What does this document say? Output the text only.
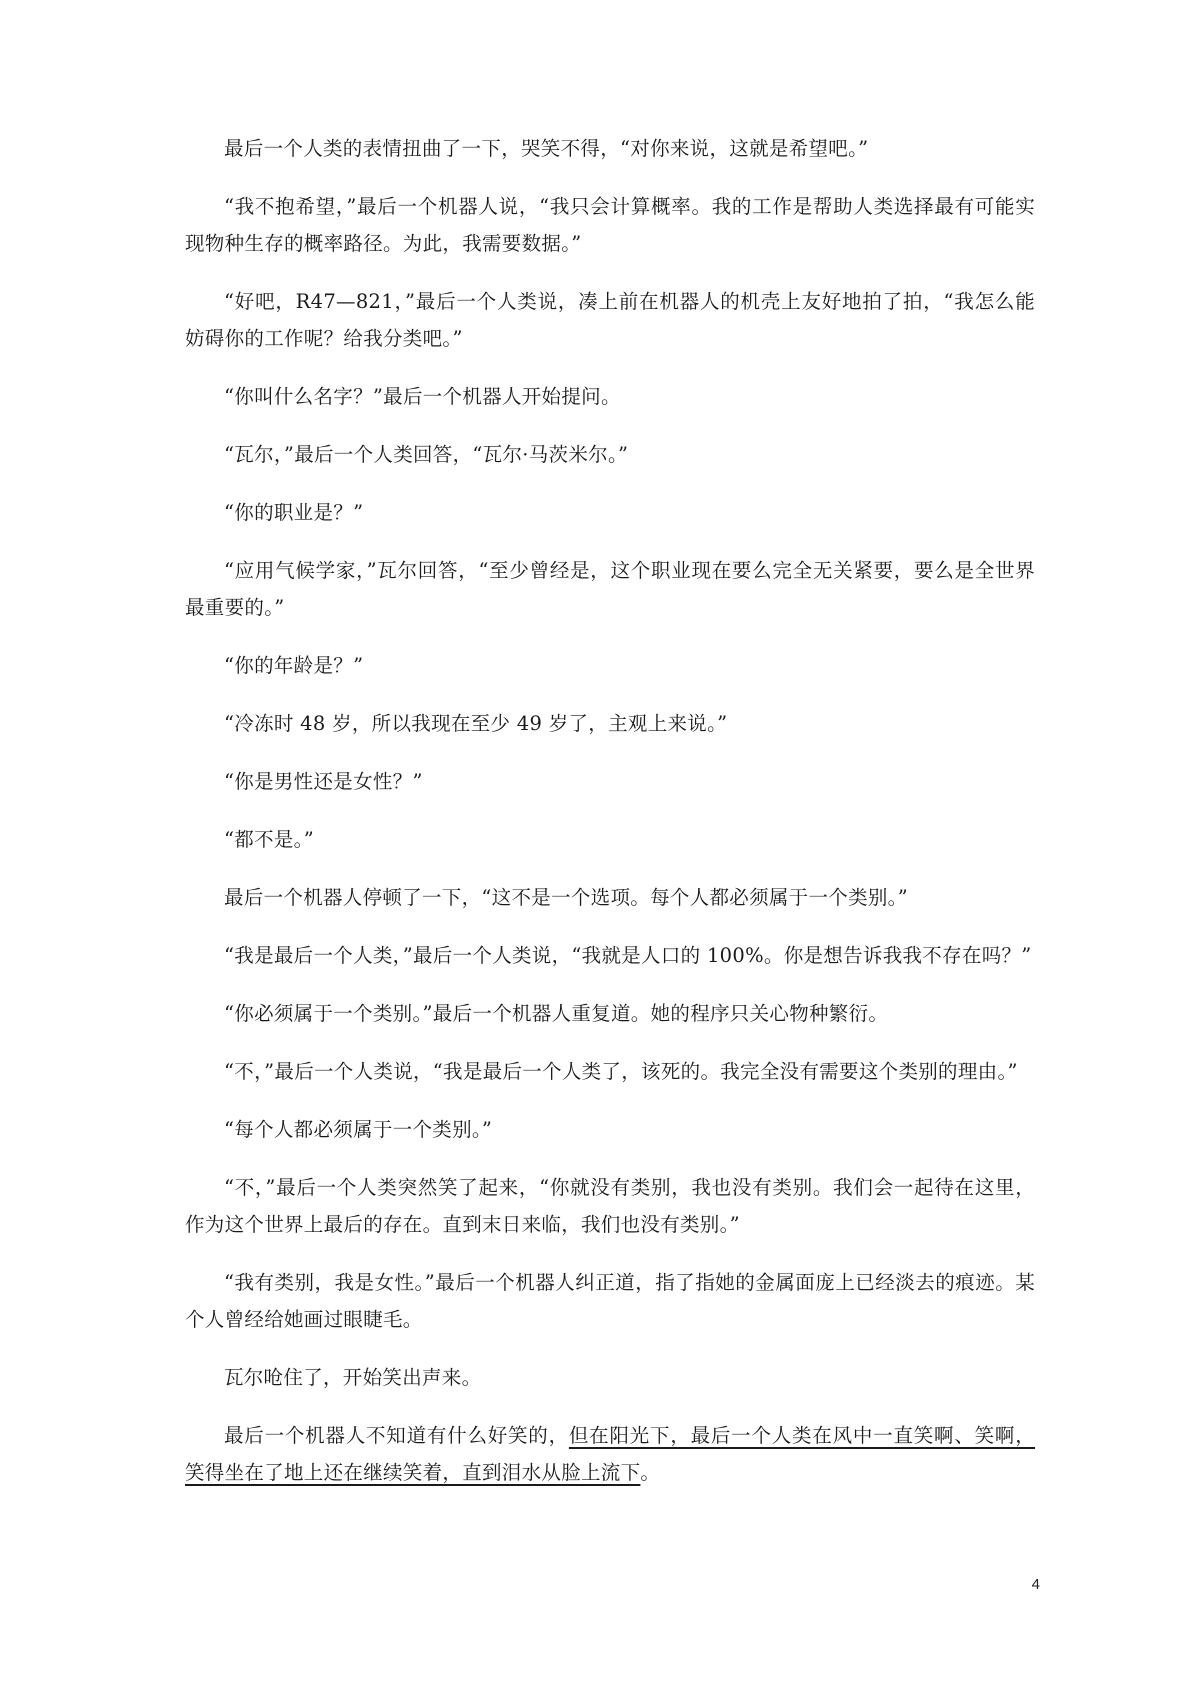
最后一个人类的表情扭曲了一下，哭笑不得，“对你来说，这就是希望吧。”

“我不抱希望，”最后一个机器人说，“我只会计算概率。我的工作是帮助人类选择最有可能实现物种生存的概率路径。为此，我需要数据。”

“好吧，R47—821，”最后一个人类说，凑上前在机器人的机壳上友好地拍了拍，“我怎么能妨碍你的工作呢？给我分类吧。”

“你叫什么名字？”最后一个机器人开始提问。

“瓦尔，”最后一个人类回答，“瓦尔·马茨米尔。”

“你的职业是？”

“应用气候学家，”瓦尔回答，“至少曾经是，这个职业现在要么完全无关紧要，要么是全世界最重要的。”

“你的年龄是？”

“冷冻时 48 岁，所以我现在至少 49 岁了，主观上来说。”

“你是男性还是女性？”

“都不是。”

最后一个机器人停顿了一下，“这不是一个选项。每个人都必须属于一个类别。”

“我是最后一个人类，”最后一个人类说，“我就是人口的 100%。你是想告诉我我不存在吗？”

“你必须属于一个类别。”最后一个机器人重复道。她的程序只关心物种繁衍。

“不，”最后一个人类说，“我是最后一个人类了，该死的。我完全没有需要这个类别的理由。”

“每个人都必须属于一个类别。”

“不，”最后一个人类突然笑了起来，“你就没有类别，我也没有类别。我们会一起待在这里，作为这个世界上最后的存在。直到末日来临，我们也没有类别。”

“我有类别，我是女性。”最后一个机器人纠正道，指了指她的金属面庞上已经淡去的痕迹。某个人曾经给她画过眼睫毛。

瓦尔呛住了，开始笑出声来。

最后一个机器人不知道有什么好笑的，但在阳光下，最后一个人类在风中一直笑啊、笑啊，笑得坐在了地上还在继续笑着，直到泪水从脸上流下。

4
